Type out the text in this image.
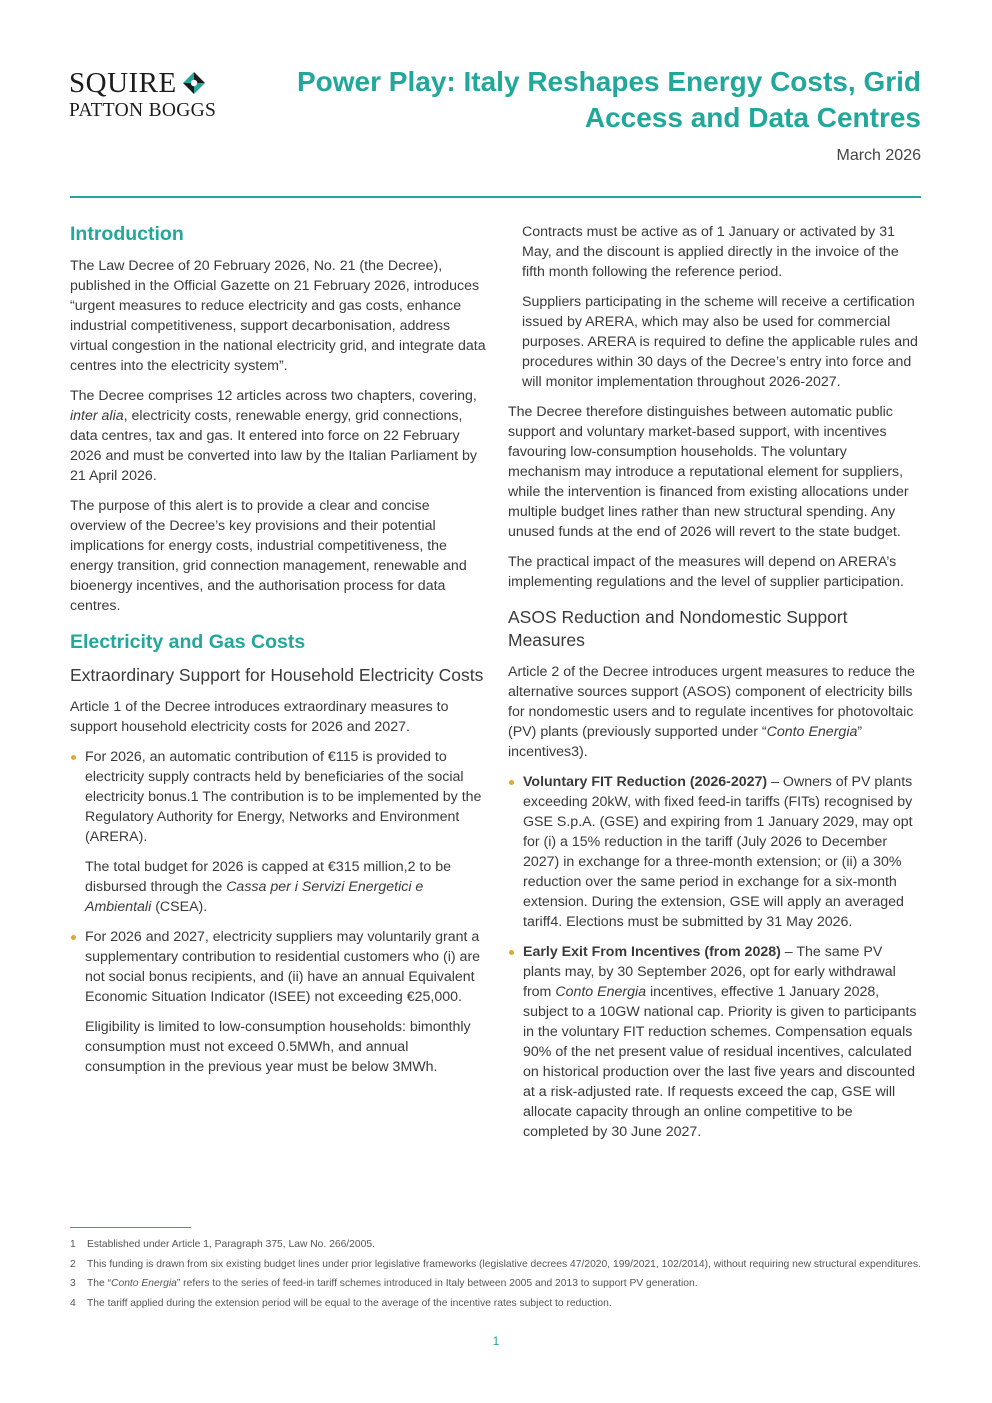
SQUIRE
PATTON BOGGS
Power Play: Italy Reshapes Energy Costs, Grid Access and Data Centres
March 2026
Introduction

The Law Decree of 20 February 2026, No. 21 (the Decree), published in the Official Gazette on 21 February 2026, introduces “urgent measures to reduce electricity and gas costs, enhance industrial competitiveness, support decarbonisation, address virtual congestion in the national electricity grid, and integrate data centres into the electricity system”.

The Decree comprises 12 articles across two chapters, covering, inter alia, electricity costs, renewable energy, grid connections, data centres, tax and gas. It entered into force on 22 February 2026 and must be converted into law by the Italian Parliament by 21 April 2026.

The purpose of this alert is to provide a clear and concise overview of the Decree’s key provisions and their potential implications for energy costs, industrial competitiveness, the energy transition, grid connection management, renewable and bioenergy incentives, and the authorisation process for data centres.

Electricity and Gas Costs
Extraordinary Support for Household Electricity Costs

Article 1 of the Decree introduces extraordinary measures to support household electricity costs for 2026 and 2027.

For 2026, an automatic contribution of €115 is provided to electricity supply contracts held by beneficiaries of the social electricity bonus.1 The contribution is to be implemented by the Regulatory Authority for Energy, Networks and Environment (ARERA).
The total budget for 2026 is capped at €315 million,2 to be disbursed through the Cassa per i Servizi Energetici e Ambientali (CSEA).
For 2026 and 2027, electricity suppliers may voluntarily grant a supplementary contribution to residential customers who (i) are not social bonus recipients, and (ii) have an annual Equivalent Economic Situation Indicator (ISEE) not exceeding €25,000.
Eligibility is limited to low-consumption households: bimonthly consumption must not exceed 0.5MWh, and annual consumption in the previous year must be below 3MWh.

Contracts must be active as of 1 January or activated by 31 May, and the discount is applied directly in the invoice of the fifth month following the reference period.

Suppliers participating in the scheme will receive a certification issued by ARERA, which may also be used for commercial purposes. ARERA is required to define the applicable rules and procedures within 30 days of the Decree’s entry into force and will monitor implementation throughout 2026-2027.

The Decree therefore distinguishes between automatic public support and voluntary market-based support, with incentives favouring low-consumption households. The voluntary mechanism may introduce a reputational element for suppliers, while the intervention is financed from existing allocations under multiple budget lines rather than new structural spending. Any unused funds at the end of 2026 will revert to the state budget.

The practical impact of the measures will depend on ARERA’s implementing regulations and the level of supplier participation.

ASOS Reduction and Nondomestic Support Measures

Article 2 of the Decree introduces urgent measures to reduce the alternative sources support (ASOS) component of electricity bills for nondomestic users and to regulate incentives for photovoltaic (PV) plants (previously supported under “Conto Energia” incentives3).

Voluntary FIT Reduction (2026-2027) – Owners of PV plants exceeding 20kW, with fixed feed-in tariffs (FITs) recognised by GSE S.p.A. (GSE) and expiring from 1 January 2029, may opt for (i) a 15% reduction in the tariff (July 2026 to December 2027) in exchange for a three-month extension; or (ii) a 30% reduction over the same period in exchange for a six-month extension. During the extension, GSE will apply an averaged tariff4. Elections must be submitted by 31 May 2026.
Early Exit From Incentives (from 2028) – The same PV plants may, by 30 September 2026, opt for early withdrawal from Conto Energia incentives, effective 1 January 2028, subject to a 10GW national cap. Priority is given to participants in the voluntary FIT reduction schemes. Compensation equals 90% of the net present value of residual incentives, calculated on historical production over the last five years and discounted at a risk-adjusted rate. If requests exceed the cap, GSE will allocate capacity through an online competitive to be completed by 30 June 2027.
1	Established under Article 1, Paragraph 375, Law No. 266/2005.
2	This funding is drawn from six existing budget lines under prior legislative frameworks (legislative decrees 47/2020, 199/2021, 102/2014), without requiring new structural expenditures.
3	The “Conto Energia” refers to the series of feed-in tariff schemes introduced in Italy between 2005 and 2013 to support PV generation.
4	The tariff applied during the extension period will be equal to the average of the incentive rates subject to reduction.
1
